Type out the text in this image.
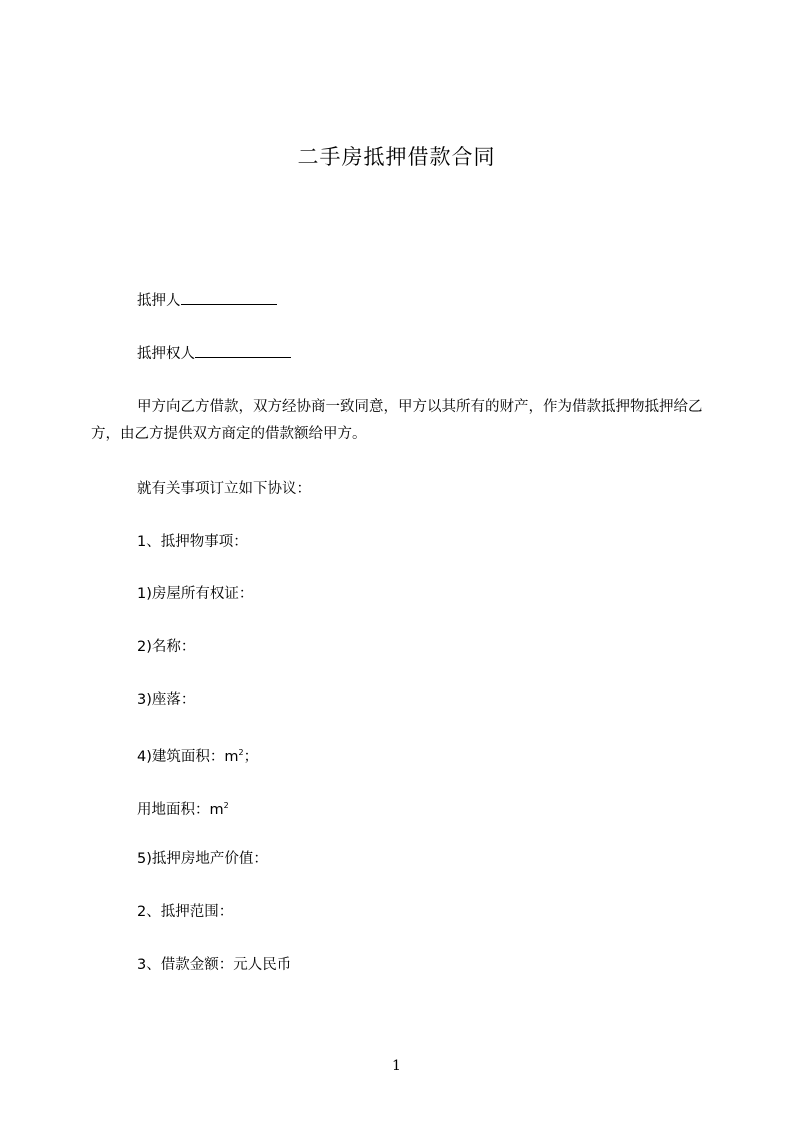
二手房抵押借款合同
抵押人
抵押权人
甲方向乙方借款，双方经协商一致同意，甲方以其所有的财产，作为借款抵押物抵押给乙方，由乙方提供双方商定的借款额给甲方。
就有关事项订立如下协议：
1、抵押物事项：
1)房屋所有权证：
2)名称：
3)座落：
4)建筑面积：$m^2$；
用地面积：$m^2$
5)抵押房地产价值：
2、抵押范围：
3、借款金额：元人民币
1
